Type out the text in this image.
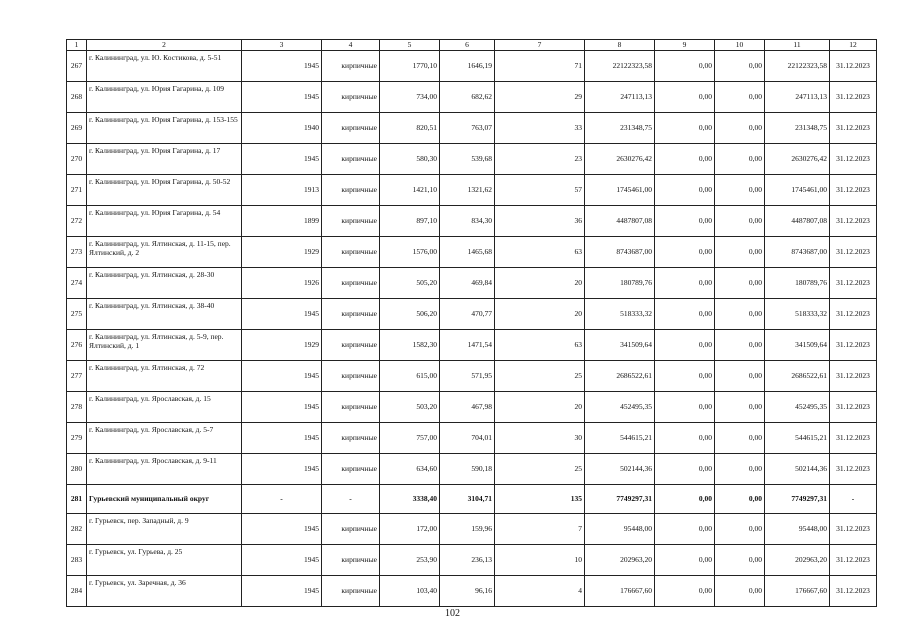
1	2	3	4	5	6	7	8	9	10	11	12
267	г. Калининград, ул. Ю. Костикова, д. 5-51	1945	кирпичные	1770,10	1646,19	71	22122323,58	0,00	0,00	22122323,58	31.12.2023
268	г. Калининград, ул. Юрия Гагарина, д. 109	1945	кирпичные	734,00	682,62	29	247113,13	0,00	0,00	247113,13	31.12.2023
269	г. Калининград, ул. Юрия Гагарина, д. 153-155	1940	кирпичные	820,51	763,07	33	231348,75	0,00	0,00	231348,75	31.12.2023
270	г. Калининград, ул. Юрия Гагарина, д. 17	1945	кирпичные	580,30	539,68	23	2630276,42	0,00	0,00	2630276,42	31.12.2023
271	г. Калининград, ул. Юрия Гагарина, д. 50-52	1913	кирпичные	1421,10	1321,62	57	1745461,00	0,00	0,00	1745461,00	31.12.2023
272	г. Калининград, ул. Юрия Гагарина, д. 54	1899	кирпичные	897,10	834,30	36	4487807,08	0,00	0,00	4487807,08	31.12.2023
273	г. Калининград, ул. Ялтинская, д. 11-15, пер. Ялтинский, д. 2	1929	кирпичные	1576,00	1465,68	63	8743687,00	0,00	0,00	8743687,00	31.12.2023
274	г. Калининград, ул. Ялтинская, д. 28-30	1926	кирпичные	505,20	469,84	20	180789,76	0,00	0,00	180789,76	31.12.2023
275	г. Калининград, ул. Ялтинская, д. 38-40	1945	кирпичные	506,20	470,77	20	518333,32	0,00	0,00	518333,32	31.12.2023
276	г. Калининград, ул. Ялтинская, д. 5-9, пер. Ялтинский, д. 1	1929	кирпичные	1582,30	1471,54	63	341509,64	0,00	0,00	341509,64	31.12.2023
277	г. Калининград, ул. Ялтинская, д. 72	1945	кирпичные	615,00	571,95	25	2686522,61	0,00	0,00	2686522,61	31.12.2023
278	г. Калининград, ул. Ярославская, д. 15	1945	кирпичные	503,20	467,98	20	452495,35	0,00	0,00	452495,35	31.12.2023
279	г. Калининград, ул. Ярославская, д. 5-7	1945	кирпичные	757,00	704,01	30	544615,21	0,00	0,00	544615,21	31.12.2023
280	г. Калининград, ул. Ярославская, д. 9-11	1945	кирпичные	634,60	590,18	25	502144,36	0,00	0,00	502144,36	31.12.2023
281	Гурьевский муниципальный округ	-	-	3338,40	3104,71	135	7749297,31	0,00	0,00	7749297,31	-
282	г. Гурьевск, пер. Западный, д. 9	1945	кирпичные	172,00	159,96	7	95448,00	0,00	0,00	95448,00	31.12.2023
283	г. Гурьевск, ул. Гурьева, д. 25	1945	кирпичные	253,90	236,13	10	202963,20	0,00	0,00	202963,20	31.12.2023
284	г. Гурьевск, ул. Заречная, д. 36	1945	кирпичные	103,40	96,16	4	176667,60	0,00	0,00	176667,60	31.12.2023
102
